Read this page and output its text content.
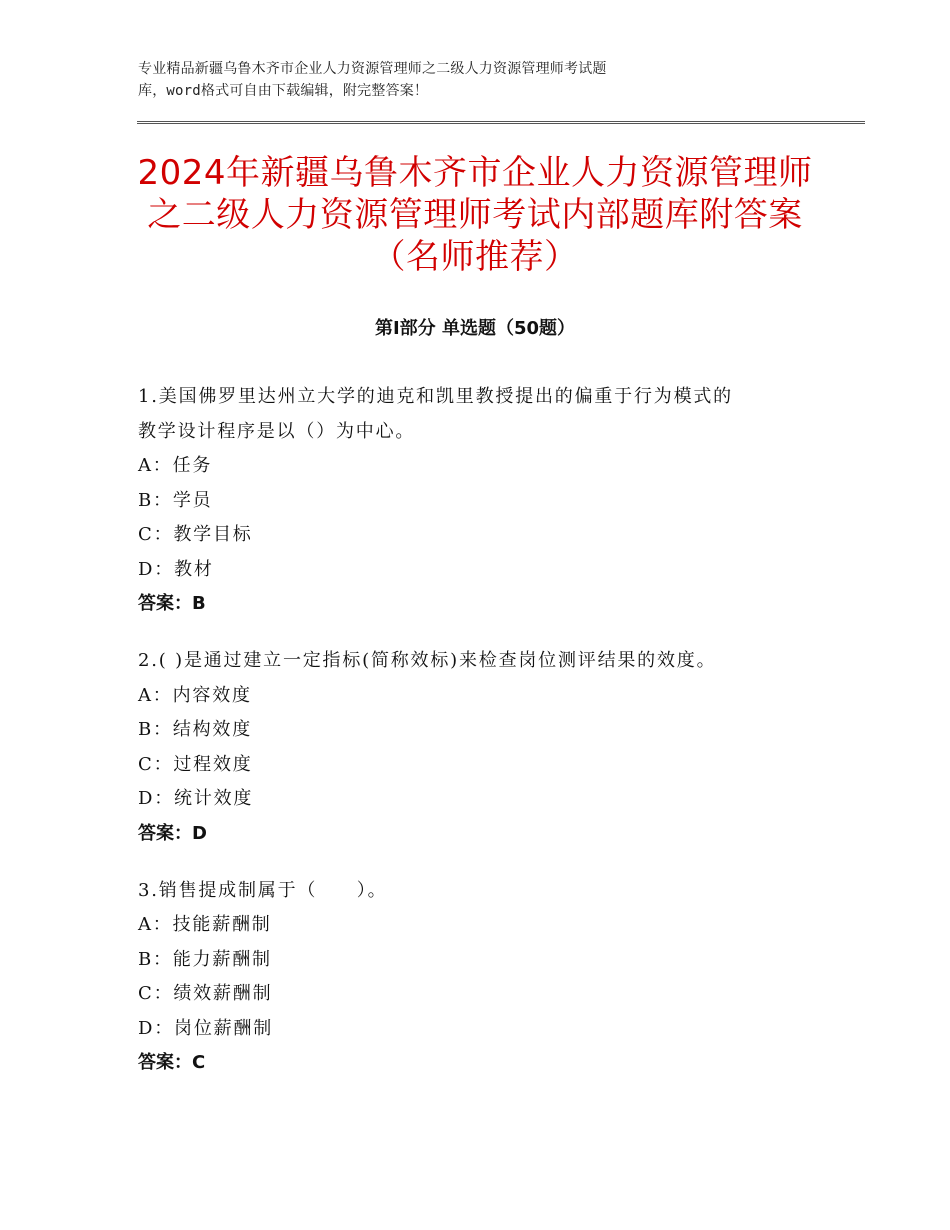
专业精品新疆乌鲁木齐市企业人力资源管理师之二级人力资源管理师考试题
库，word格式可自由下载编辑，附完整答案！
2024年新疆乌鲁木齐市企业人力资源管理师
之二级人力资源管理师考试内部题库附答案
（名师推荐）
第Ⅰ部分 单选题（50题）

1.美国佛罗里达州立大学的迪克和凯里教授提出的偏重于行为模式的

教学设计程序是以（）为中心。

A：任务

B：学员

C：教学目标

D：教材

答案：B

2.( )是通过建立一定指标(简称效标)来检查岗位测评结果的效度。

A：内容效度

B：结构效度

C：过程效度

D：统计效度

答案：D

3.销售提成制属于（　　）。

A：技能薪酬制

B：能力薪酬制

C：绩效薪酬制

D：岗位薪酬制

答案：C
